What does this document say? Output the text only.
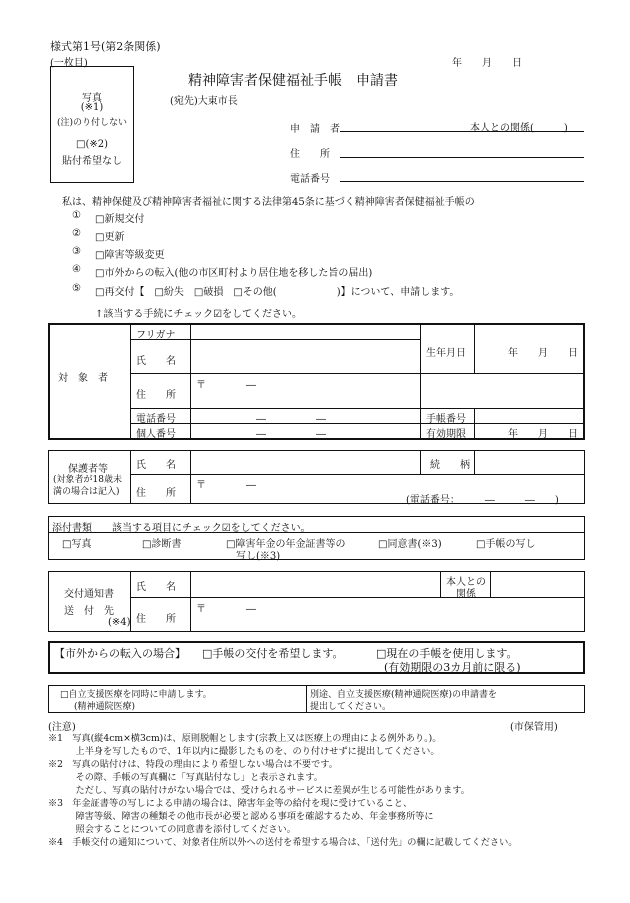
様式第1号(第2条関係)
(一枚目)	年 月 日
写真
(※1)
(注)のり付しない
□(※2)
貼付希望なし
精神障害者保健福祉手帳　申請書
(宛先)大東市長
申　請　者	本人との関係(　　　)
住　　所
電話番号
私は、精神保健及び精神障害者福祉に関する法律第45条に基づく精神障害者保健福祉手帳の
① □新規交付
② □更新
③ □障害等級変更
④ □市外からの転入(他の市区町村より居住地を移した旨の届出)
⑤ □再交付【　□紛失　□破損　□その他(　　　　　　)】について、申請します。
↑該当する手続にチェック☑をしてください。
対　象　者
フリガナ
氏　　名
生年月日	年　　月　　日
住　　所
〒　　　　―
電話番号	―　　　　　―	手帳番号
個人番号	―　　　　　―	有効期限	年　　月　　日
保護者等
(対象者が18歳未
満の場合は記入)
氏　　名	続　　柄
住　　所
〒　　　　―
(電話番号：　　　―　　　―　　)
添付書類　　該当する項目にチェック☑をしてください。
□写真	□診断書	□障害年金の年金証書等の
写し(※3)
□同意書(※3)	□手帳の写し
交付通知書
送　付　先
(※4)
氏　　名	本人との
関係
住　　所
〒　　　　―
【市外からの転入の場合】 □手帳の交付を希望します。	□現在の手帳を使用します。
(有効期限の3カ月前に限る)
□自立支援医療を同時に申請します。
(精神通院医療)
別途、自立支援医療(精神通院医療)の申請書を
提出してください。
(注意)	(市保管用)
※1　写真(縦4cm×横3cm)は、原則脱帽とします(宗教上又は医療上の理由による例外あり。)。
　　　上半身を写したもので、1年以内に撮影したものを、のり付けせずに提出してください。
※2　写真の貼付けは、特段の理由により希望しない場合は不要です。
　　　その際、手帳の写真欄に「写真貼付なし」と表示されます。
　　　ただし、写真の貼付けがない場合では、受けられるサービスに差異が生じる可能性があります。
※3　年金証書等の写しによる申請の場合は、障害年金等の給付を現に受けていること、
　　　障害等級、障害の種類その他市長が必要と認める事項を確認するため、年金事務所等に
　　　照会することについての同意書を添付してください。
※4　手帳交付の通知について、対象者住所以外への送付を希望する場合は、「送付先」の欄に記載してください。
